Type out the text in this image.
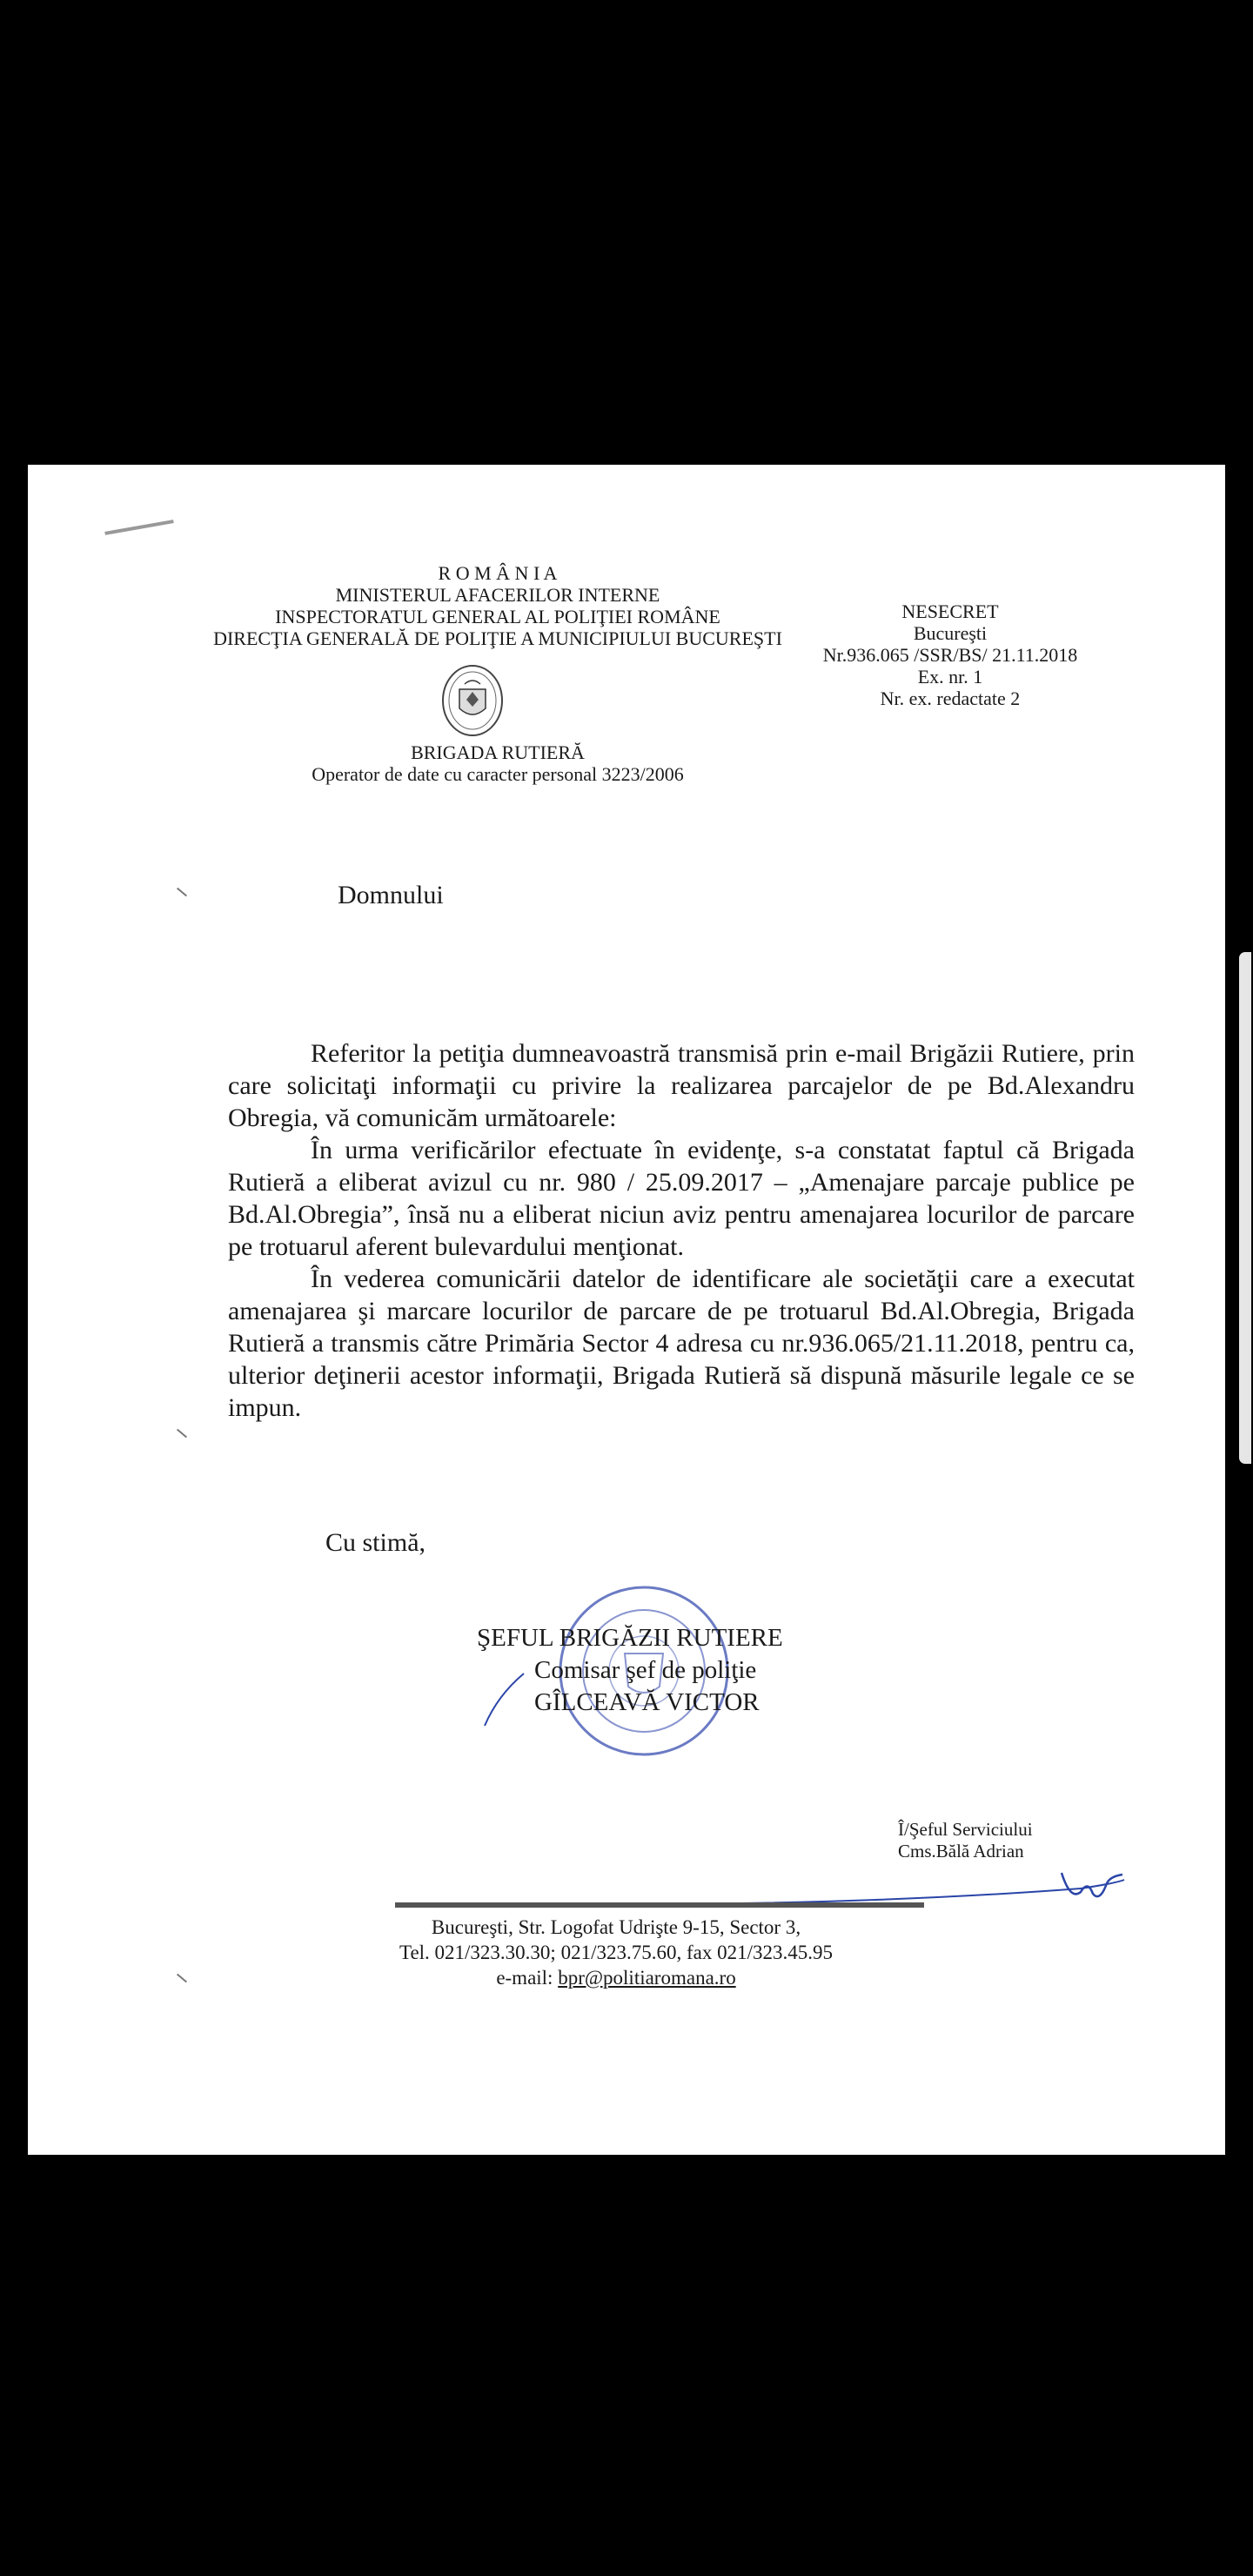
R O M Â N I A
MINISTERUL AFACERILOR INTERNE
INSPECTORATUL GENERAL AL POLIŢIEI ROMÂNE
DIRECŢIA GENERALĂ DE POLIŢIE A MUNICIPIULUI BUCUREŞTI
BRIGADA RUTIERĂ
Operator de date cu caracter personal 3223/2006
NESECRET
Bucureşti
Nr.936.065 /SSR/BS/ 21.11.2018
Ex. nr. 1
Nr. ex. redactate 2
Domnului

Referitor la petiţia dumneavoastră transmisă prin e-mail Brigăzii Rutiere, prin care solicitaţi informaţii cu privire la realizarea parcajelor de pe Bd.Alexandru Obregia, vă comunicăm următoarele:

În urma verificărilor efectuate în evidenţe, s-a constatat faptul că Brigada Rutieră a eliberat avizul cu nr. 980 / 25.09.2017 – „Amenajare parcaje publice pe Bd.Al.Obregia”, însă nu a eliberat niciun aviz pentru amenajarea locurilor de parcare pe trotuarul aferent bulevardului menţionat.

În vederea comunicării datelor de identificare ale societăţii care a executat amenajarea şi marcare locurilor de parcare de pe trotuarul Bd.Al.Obregia, Brigada Rutieră a transmis către Primăria Sector 4 adresa cu nr.936.065/21.11.2018, pentru ca, ulterior deţinerii acestor informaţii, Brigada Rutieră să dispună măsurile legale ce se impun.

Cu stimă,
ŞEFUL BRIGĂZII RUTIERE
Comisar şef de poliţie
GÎLCEAVĂ VICTOR
Î/Şeful Serviciului
Cms.Bălă Adrian
Bucureşti, Str. Logofat Udrişte 9-15, Sector 3,
Tel. 021/323.30.30; 021/323.75.60, fax 021/323.45.95
e-mail: bpr@politiaromana.ro
